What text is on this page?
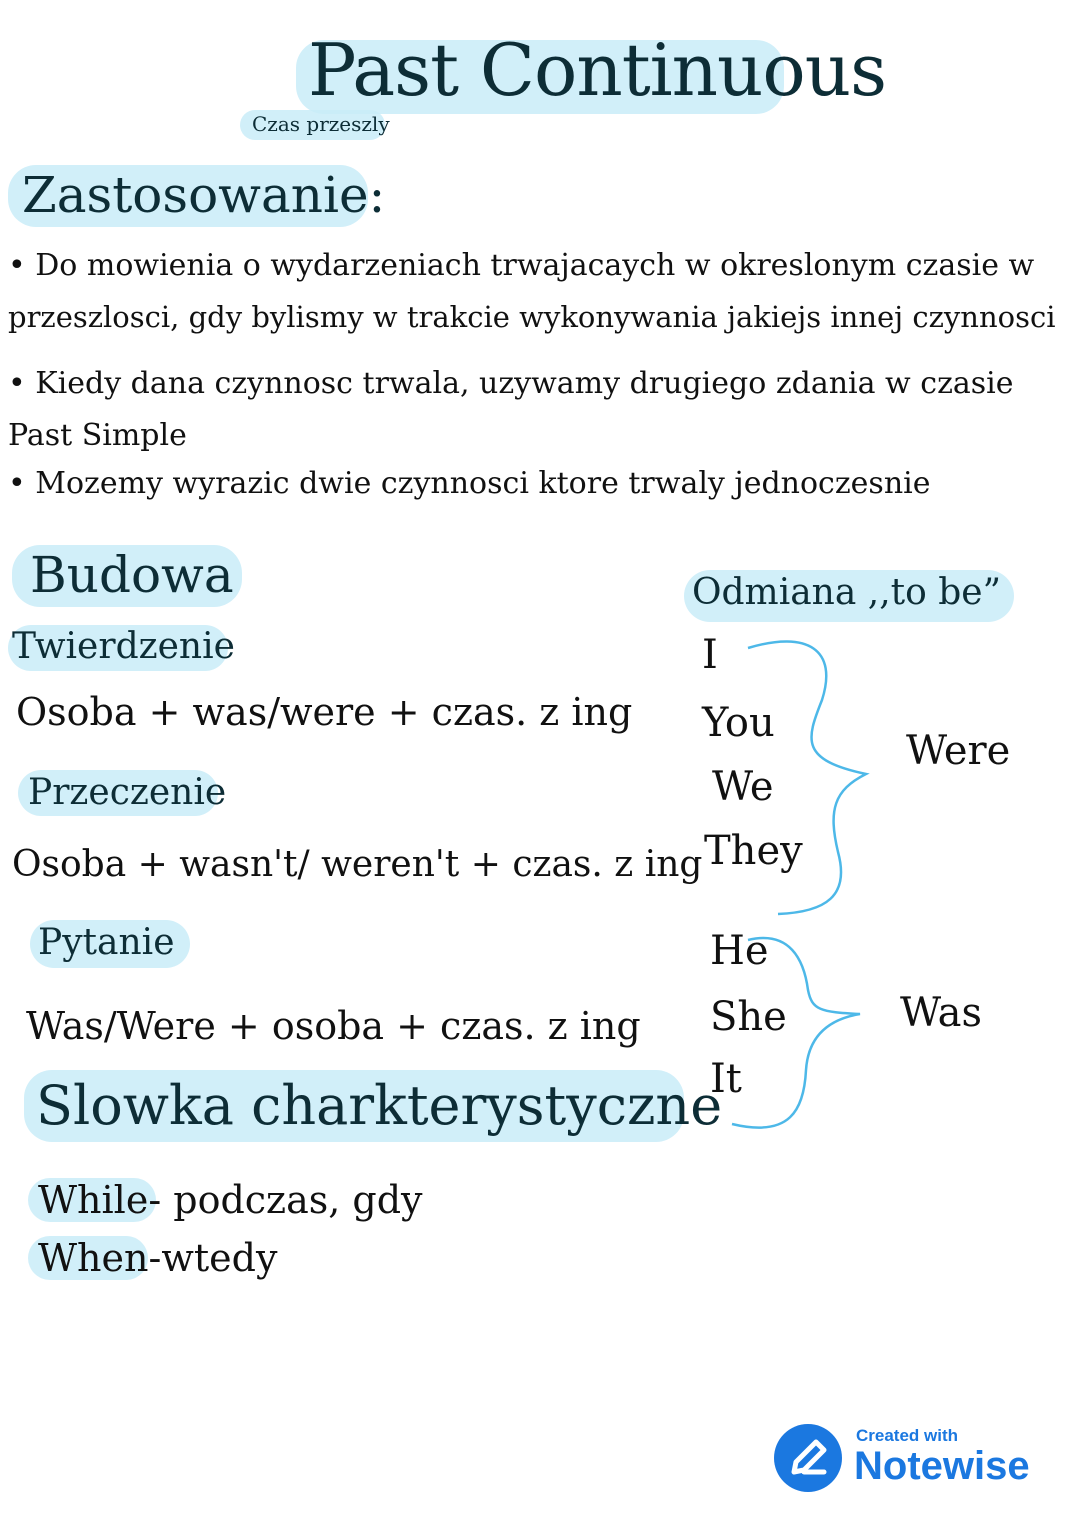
Past Continuous
Czas przeszly
Zastosowanie:
• Do mowienia o wydarzeniach trwajacaych w okreslonym czasie w
przeszlosci, gdy bylismy w trakcie wykonywania jakiejs innej czynnosci
• Kiedy dana czynnosc trwala, uzywamy drugiego zdania w czasie
Past Simple
• Mozemy wyrazic dwie czynnosci ktore trwaly jednoczesnie
Budowa
Twierdzenie
Osoba + was/were + czas. z ing
Przeczenie
Osoba + wasn't/ weren't + czas. z ing
Pytanie
Was/Were + osoba + czas. z ing
Odmiana ,,to be”
I
You
We
They
Were
He
She
It
Was
Slowka charkterystyczne
While- podczas, gdy
When-wtedy
Created with
Notewise
